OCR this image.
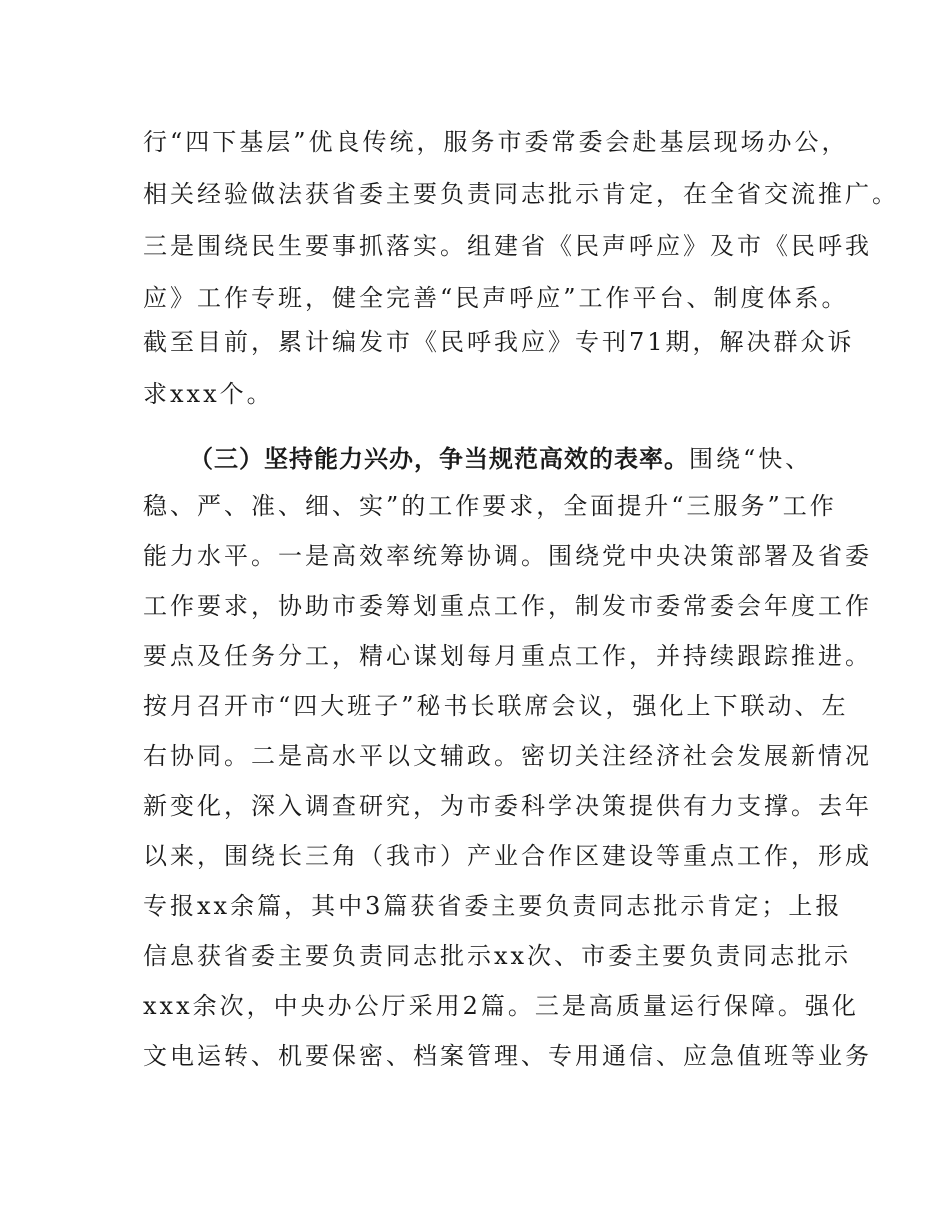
行“四下基层”优良传统，服务市委常委会赴基层现场办公，
相关经验做法获省委主要负责同志批示肯定，在全省交流推广。
三是围绕民生要事抓落实。组建省《民声呼应》及市《民呼我
应》工作专班，健全完善“民声呼应”工作平台、制度体系。
截至目前，累计编发市《民呼我应》专刊71期，解决群众诉
求xxx个。
（三）坚持能力兴办，争当规范高效的表率。围绕“快、
稳、严、准、细、实”的工作要求，全面提升“三服务”工作
能力水平。一是高效率统筹协调。围绕党中央决策部署及省委
工作要求，协助市委筹划重点工作，制发市委常委会年度工作
要点及任务分工，精心谋划每月重点工作，并持续跟踪推进。
按月召开市“四大班子”秘书长联席会议，强化上下联动、左
右协同。二是高水平以文辅政。密切关注经济社会发展新情况
新变化，深入调查研究，为市委科学决策提供有力支撑。去年
以来，围绕长三角（我市）产业合作区建设等重点工作，形成
专报xx余篇，其中3篇获省委主要负责同志批示肯定；上报
信息获省委主要负责同志批示xx次、市委主要负责同志批示
xxx余次，中央办公厅采用2篇。三是高质量运行保障。强化
文电运转、机要保密、档案管理、专用通信、应急值班等业务
